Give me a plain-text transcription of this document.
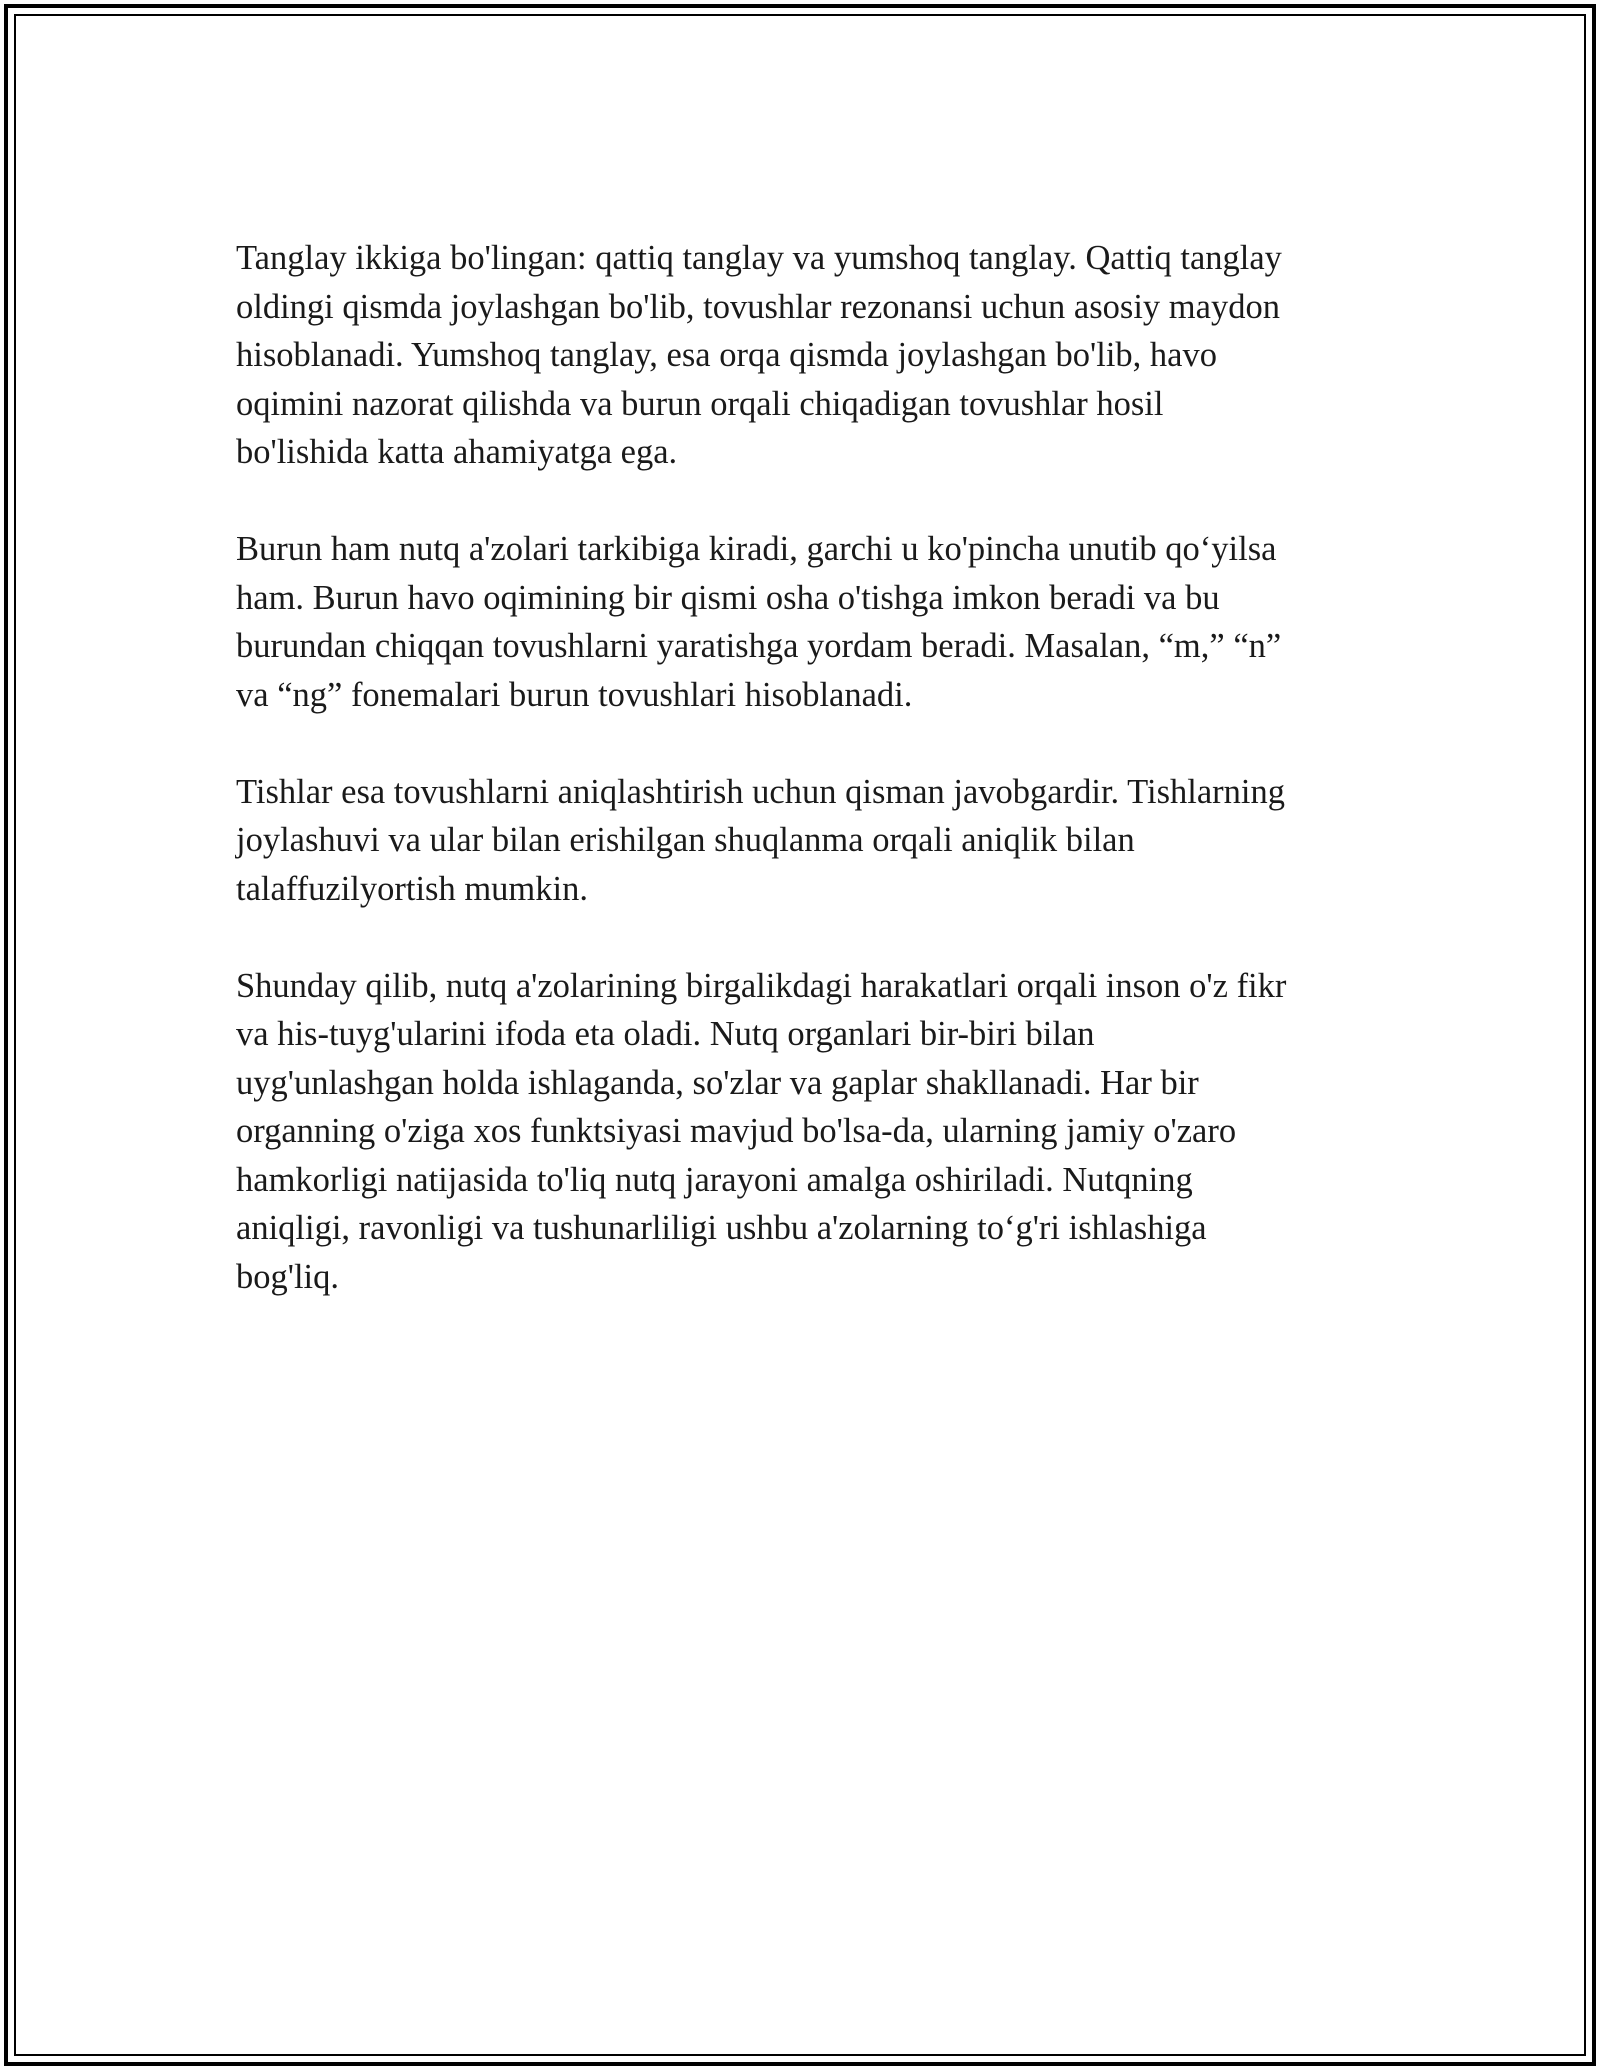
Tanglay ikkiga bo'lingan: qattiq tanglay va yumshoq tanglay. Qattiq tanglay
oldingi qismda joylashgan bo'lib, tovushlar rezonansi uchun asosiy maydon
hisoblanadi. Yumshoq tanglay, esa orqa qismda joylashgan bo'lib, havo
oqimini nazorat qilishda va burun orqali chiqadigan tovushlar hosil
bo'lishida katta ahamiyatga ega.

Burun ham nutq a'zolari tarkibiga kiradi, garchi u ko'pincha unutib qo‘yilsa
ham. Burun havo oqimining bir qismi osha o'tishga imkon beradi va bu
burundan chiqqan tovushlarni yaratishga yordam beradi. Masalan, “m,” “n”
va “ng” fonemalari burun tovushlari hisoblanadi.

Tishlar esa tovushlarni aniqlashtirish uchun qisman javobgardir. Tishlarning
joylashuvi va ular bilan erishilgan shuqlanma orqali aniqlik bilan
talaffuzilyortish mumkin.

Shunday qilib, nutq a'zolarining birgalikdagi harakatlari orqali inson o'z fikr
va his-tuyg'ularini ifoda eta oladi. Nutq organlari bir-biri bilan
uyg'unlashgan holda ishlaganda, so'zlar va gaplar shakllanadi. Har bir
organning o'ziga xos funktsiyasi mavjud bo'lsa-da, ularning jamiy o'zaro
hamkorligi natijasida to'liq nutq jarayoni amalga oshiriladi. Nutqning
aniqligi, ravonligi va tushunarliligi ushbu a'zolarning to‘g'ri ishlashiga
bog'liq.
